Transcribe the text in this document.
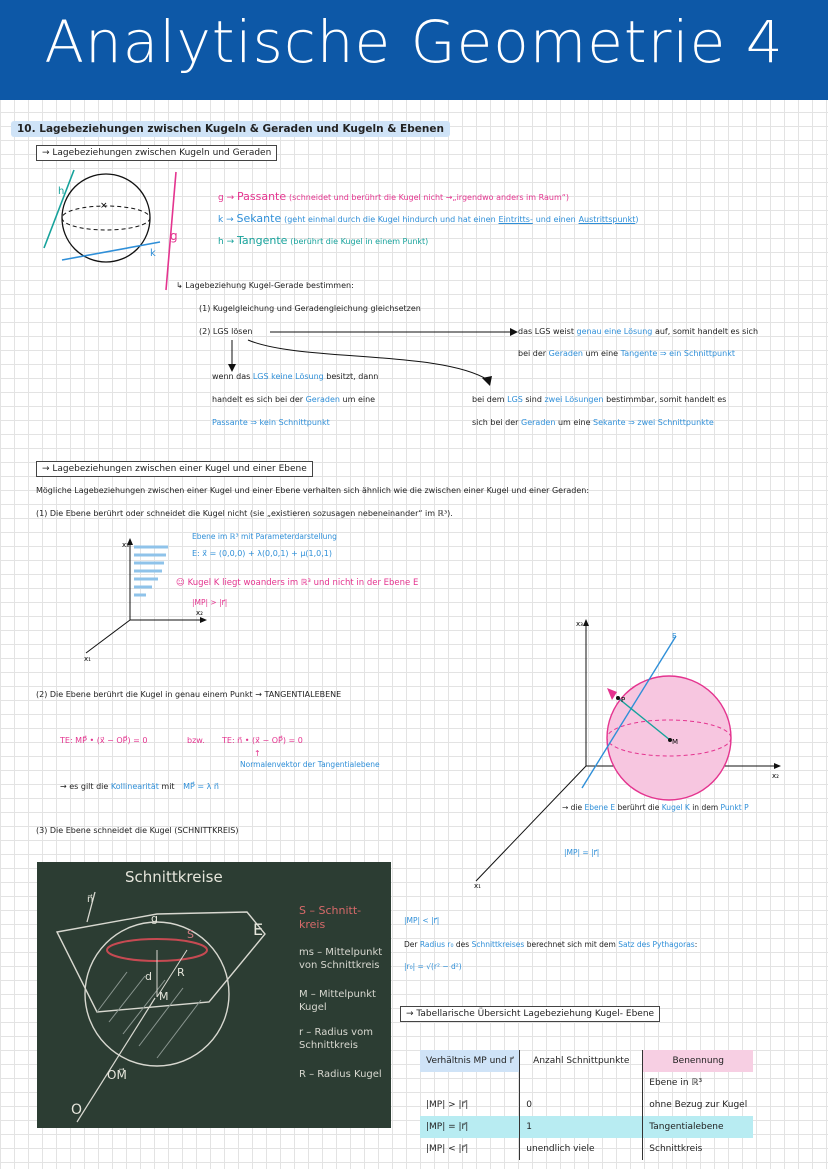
Analytische Geometrie 4
10. Lagebeziehungen zwischen Kugeln & Geraden und Kugeln & Ebenen
→ Lagebeziehungen zwischen Kugeln und Geraden
×
h
g
k
g → Passante (schneidet und berührt die Kugel nicht →„irgendwo anders im Raum“)
k → Sekante (geht einmal durch die Kugel hindurch und hat einen Eintritts- und einen Austrittspunkt)
h → Tangente (berührt die Kugel in einem Punkt)
↳ Lagebeziehung Kugel-Gerade bestimmen:
(1) Kugelgleichung und Geradengleichung gleichsetzen
(2) LGS lösen	das LGS weist genau eine Lösung auf, somit handelt es sich
bei der Geraden um eine Tangente ⇒ ein Schnittpunkt
wenn das LGS keine Lösung besitzt, dann
handelt es sich bei der Geraden um eine
Passante ⇒ kein Schnittpunkt
bei dem LGS sind zwei Lösungen bestimmbar, somit handelt es
sich bei der Geraden um eine Sekante ⇒ zwei Schnittpunkte
→ Lagebeziehungen zwischen einer Kugel und einer Ebene
Mögliche Lagebeziehungen zwischen einer Kugel und einer Ebene verhalten sich ähnlich wie die zwischen einer Kugel und einer Geraden:
(1) Die Ebene berührt oder schneidet die Kugel nicht (sie „existieren sozusagen nebeneinander“ im ℝ³).
x₃
x₂
x₁
Ebene im ℝ³ mit Parameterdarstellung
E: x⃗ = (0,0,0) + λ(0,0,1) + μ(1,0,1)
☺ Kugel K liegt woanders im ℝ³ und nicht in der Ebene E
|MP| > |r⃗|
(2) Die Ebene berührt die Kugel in genau einem Punkt → TANGENTIALEBENE
TE: MP⃗ • (x⃗ − OP⃗) = 0	bzw. TE: n⃗ • (x⃗ − OP⃗) = 0
↑
Normalenvektor der Tangentialebene
→ es gilt die Kollinearität mit MP⃗ = λ n⃗
x₃
x₂
x₁
E
P
M
→ die Ebene E berührt die Kugel K in dem Punkt P
|MP| = |r⃗|
(3) Die Ebene schneidet die Kugel (SCHNITTKREIS)
Schnittkreise
E
n⃗
g
S
d R
M
OM⃗
O
S – Schnitt- kreis
ms – Mittelpunkt von Schnittkreis
M – Mittelpunkt Kugel
r – Radius vom Schnittkreis
R – Radius Kugel
|MP| < |r⃗|
Der Radius r₀ des Schnittkreises berechnet sich mit dem Satz des Pythagoras:
|r₀| = √(r² − d²)
→ Tabellarische Übersicht Lagebeziehung Kugel- Ebene
Verhältnis MP und r⃗	Anzahl Schnittpunkte	Benennung
		Ebene in ℝ³
|MP| > |r⃗|	0	ohne Bezug zur Kugel
|MP| = |r⃗|	1	Tangentialebene
|MP| < |r⃗|	unendlich viele	Schnittkreis
